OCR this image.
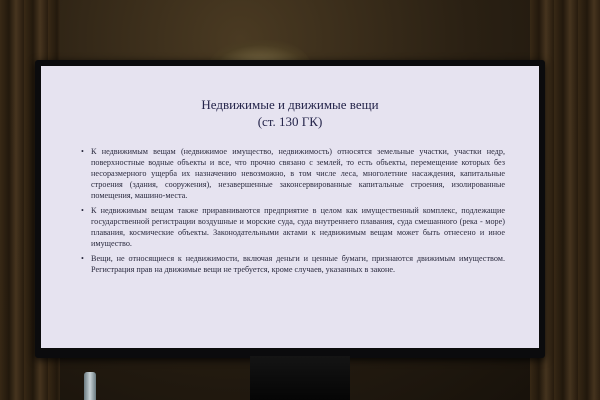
Недвижимые и движимые вещи
(ст. 130 ГК)
• К недвижимым вещам (недвижимое имущество, недвижимость) относятся земельные участки, участки недр, поверхностные водные объекты и все, что прочно связано с землей, то есть объекты, перемещение которых без несоразмерного ущерба их назначению невозможно, в том числе леса, многолетние насаждения, капитальные строения (здания, сооружения), незавершенные законсервированные капитальные строения, изолированные помещения, машино-места.
• К недвижимым вещам также приравниваются предприятие в целом как имущественный комплекс, подлежащие государственной регистрации воздушные и морские суда, суда внутреннего плавания, суда смешанного (река - море) плавания, космические объекты. Законодательными актами к недвижимым вещам может быть отнесено и иное имущество.
• Вещи, не относящиеся к недвижимости, включая деньги и ценные бумаги, признаются движимым имуществом. Регистрация прав на движимые вещи не требуется, кроме случаев, указанных в законе.
